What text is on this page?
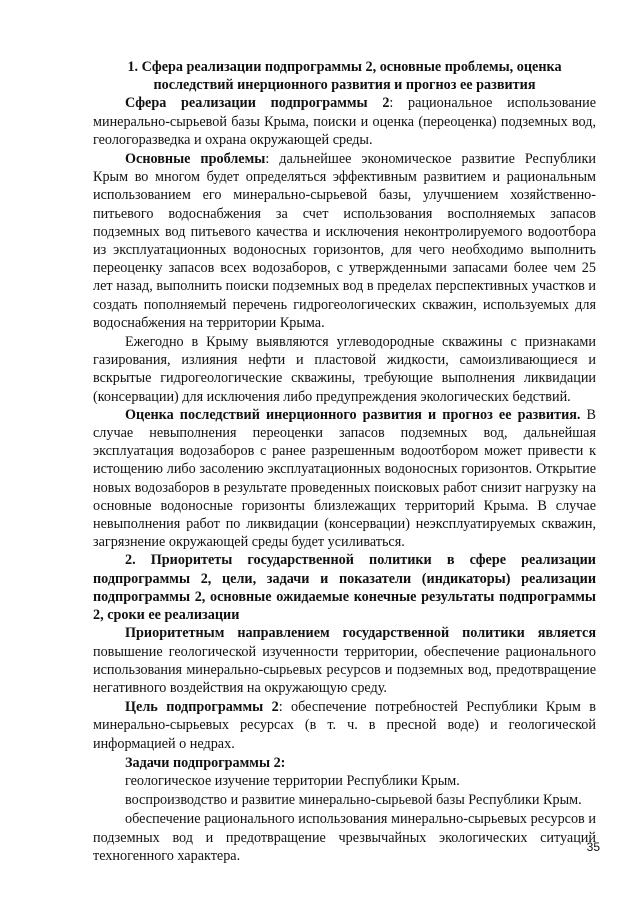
1. Сфера реализации подпрограммы 2, основные проблемы, оценка последствий инерционного развития и прогноз ее развития

Сфера реализации подпрограммы 2: рациональное использование минерально-сырьевой базы Крыма, поиски и оценка (переоценка) подземных вод, геологоразведка и охрана окружающей среды.

Основные проблемы: дальнейшее экономическое развитие Республики Крым во многом будет определяться эффективным развитием и рациональным использованием его минерально-сырьевой базы, улучшением хозяйственно-питьевого водоснабжения за счет использования восполняемых запасов подземных вод питьевого качества и исключения неконтролируемого водоотбора из эксплуатационных водоносных горизонтов, для чего необходимо выполнить переоценку запасов всех водозаборов, с утвержденными запасами более чем 25 лет назад, выполнить поиски подземных вод в пределах перспективных участков и создать пополняемый перечень гидрогеологических скважин, используемых для водоснабжения на территории Крыма.

Ежегодно в Крыму выявляются углеводородные скважины с признаками газирования, излияния нефти и пластовой жидкости, самоизливающиеся и вскрытые гидрогеологические скважины, требующие выполнения ликвидации (консервации) для исключения либо предупреждения экологических бедствий.

Оценка последствий инерционного развития и прогноз ее развития. В случае невыполнения переоценки запасов подземных вод, дальнейшая эксплуатация водозаборов с ранее разрешенным водоотбором может привести к истощению либо засолению эксплуатационных водоносных горизонтов. Открытие новых водозаборов в результате проведенных поисковых работ снизит нагрузку на основные водоносные горизонты близлежащих территорий Крыма. В случае невыполнения работ по ликвидации (консервации) неэксплуатируемых скважин, загрязнение окружающей среды будет усиливаться.

2. Приоритеты государственной политики в сфере реализации подпрограммы 2, цели, задачи и показатели (индикаторы) реализации подпрограммы 2, основные ожидаемые конечные результаты подпрограммы 2, сроки ее реализации

Приоритетным направлением государственной политики является повышение геологической изученности территории, обеспечение рационального использования минерально-сырьевых ресурсов и подземных вод, предотвращение негативного воздействия на окружающую среду.

Цель подпрограммы 2: обеспечение потребностей Республики Крым в минерально-сырьевых ресурсах (в т. ч. в пресной воде) и геологической информацией о недрах.

Задачи подпрограммы 2:

геологическое изучение территории Республики Крым.

воспроизводство и развитие минерально-сырьевой базы Республики Крым.

обеспечение рационального использования минерально-сырьевых ресурсов и подземных вод и предотвращение чрезвычайных экологических ситуаций техногенного характера.

35
